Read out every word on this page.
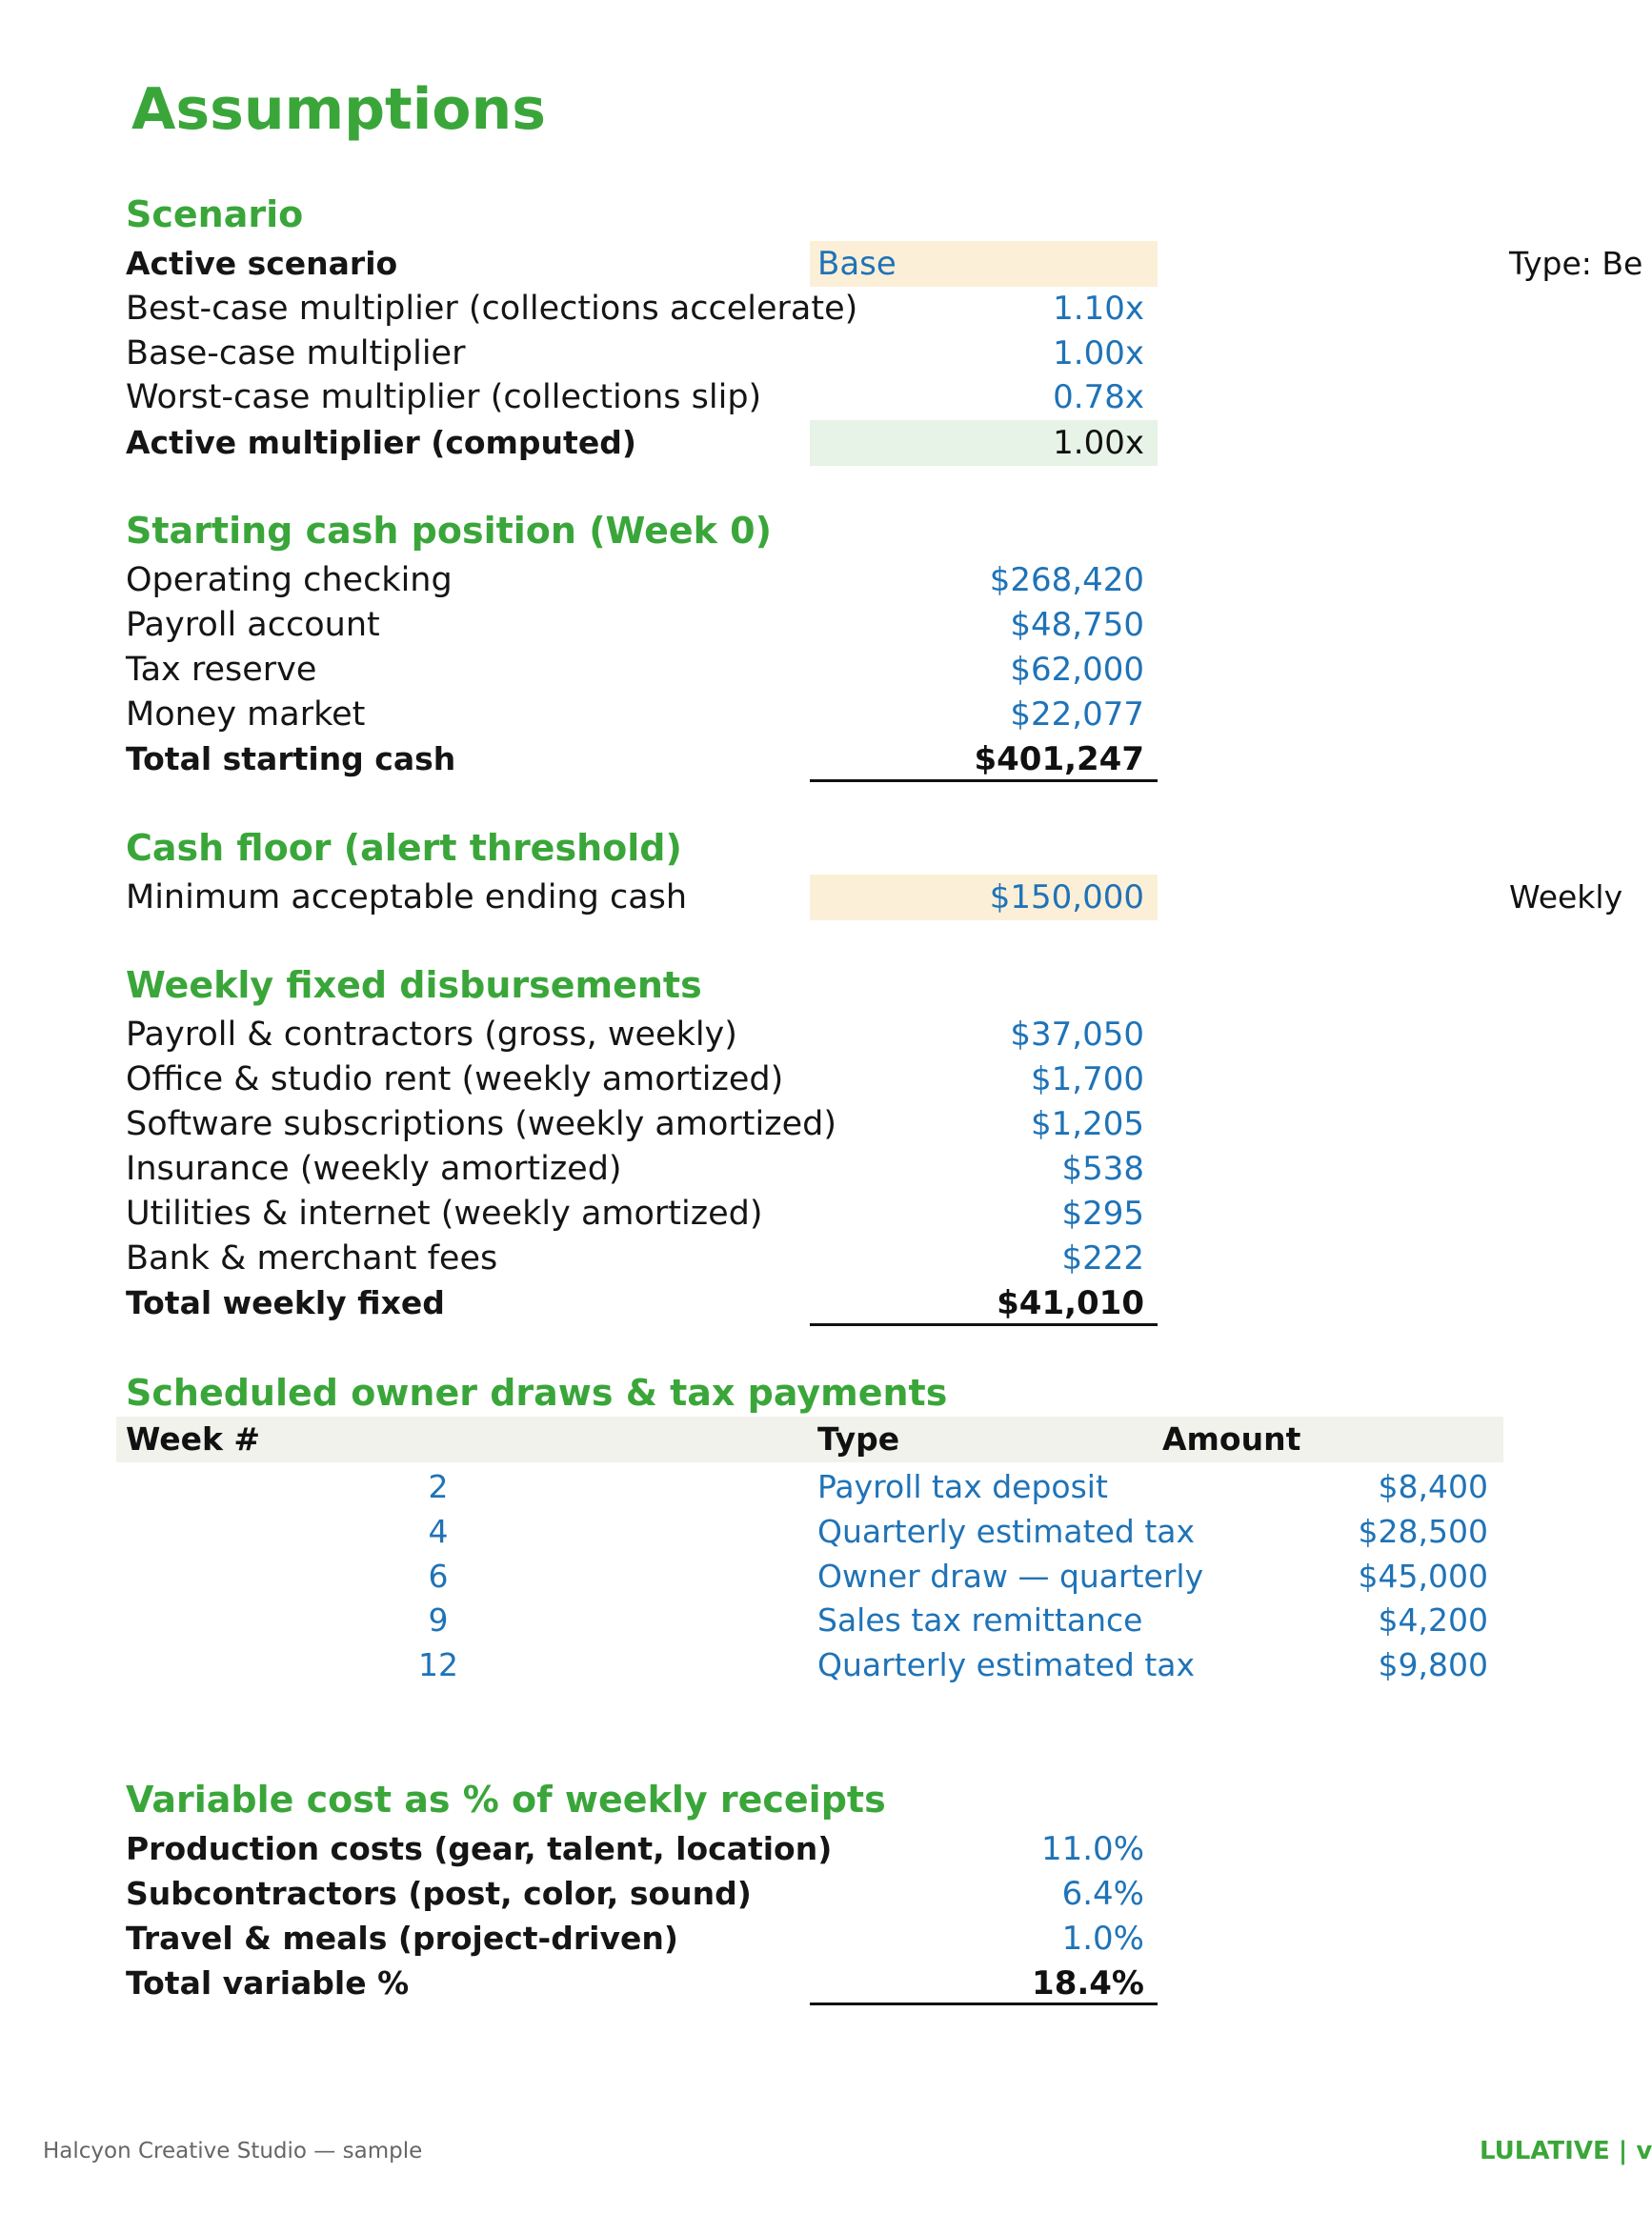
Assumptions
Scenario
Active scenario	Base	Type: Be
Best-case multiplier (collections accelerate)	1.10x
Base-case multiplier	1.00x
Worst-case multiplier (collections slip)	0.78x
Active multiplier (computed)	1.00x
Starting cash position (Week 0)
Operating checking	$268,420
Payroll account	$48,750
Tax reserve	$62,000
Money market	$22,077
Total starting cash	$401,247
Cash floor (alert threshold)
Minimum acceptable ending cash	$150,000	Weekly
Weekly fixed disbursements
Payroll & contractors (gross, weekly)	$37,050
Office & studio rent (weekly amortized)	$1,700
Software subscriptions (weekly amortized)	$1,205
Insurance (weekly amortized)	$538
Utilities & internet (weekly amortized)	$295
Bank & merchant fees	$222
Total weekly fixed	$41,010
Scheduled owner draws & tax payments
Week #	Type	Amount
2	Payroll tax deposit	$8,400
4	Quarterly estimated tax	$28,500
6	Owner draw — quarterly	$45,000
9	Sales tax remittance	$4,200
12	Quarterly estimated tax	$9,800
Variable cost as % of weekly receipts
Production costs (gear, talent, location)	11.0%
Subcontractors (post, color, sound)	6.4%
Travel & meals (project-driven)	1.0%
Total variable %	18.4%
Halcyon Creative Studio — sample	LULATIVE | v
